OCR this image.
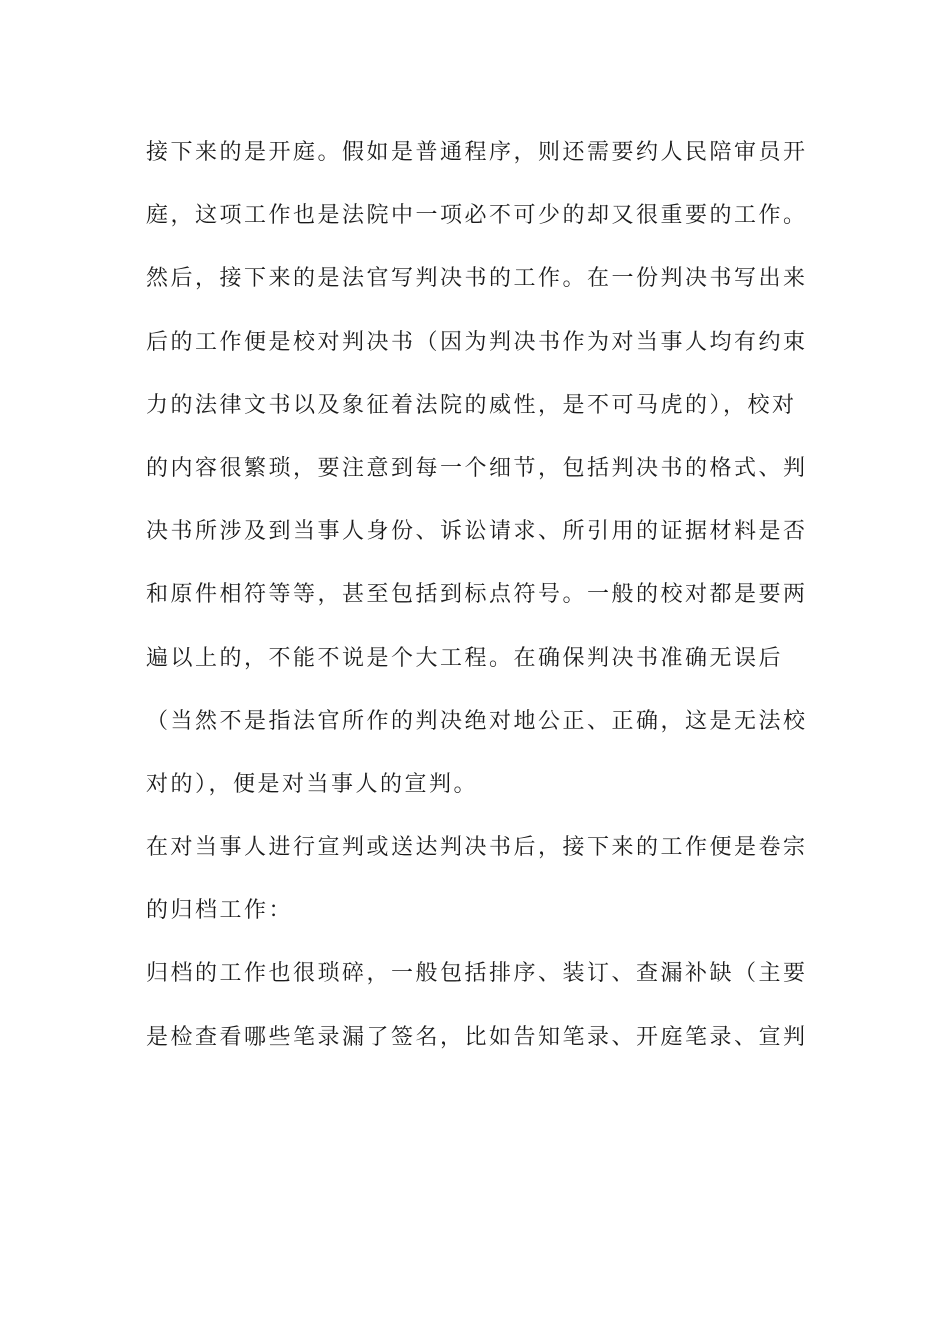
接下来的是开庭。假如是普通程序，则还需要约人民陪审员开
庭，这项工作也是法院中一项必不可少的却又很重要的工作。
然后，接下来的是法官写判决书的工作。在一份判决书写出来
后的工作便是校对判决书（因为判决书作为对当事人均有约束
力的法律文书以及象征着法院的威性，是不可马虎的），校对
的内容很繁琐，要注意到每一个细节，包括判决书的格式、判
决书所涉及到当事人身份、诉讼请求、所引用的证据材料是否
和原件相符等等，甚至包括到标点符号。一般的校对都是要两
遍以上的，不能不说是个大工程。在确保判决书准确无误后
（当然不是指法官所作的判决绝对地公正、正确，这是无法校
对的），便是对当事人的宣判。
在对当事人进行宣判或送达判决书后，接下来的工作便是卷宗
的归档工作：
归档的工作也很琐碎，一般包括排序、装订、查漏补缺（主要
是检查看哪些笔录漏了签名，比如告知笔录、开庭笔录、宣判
